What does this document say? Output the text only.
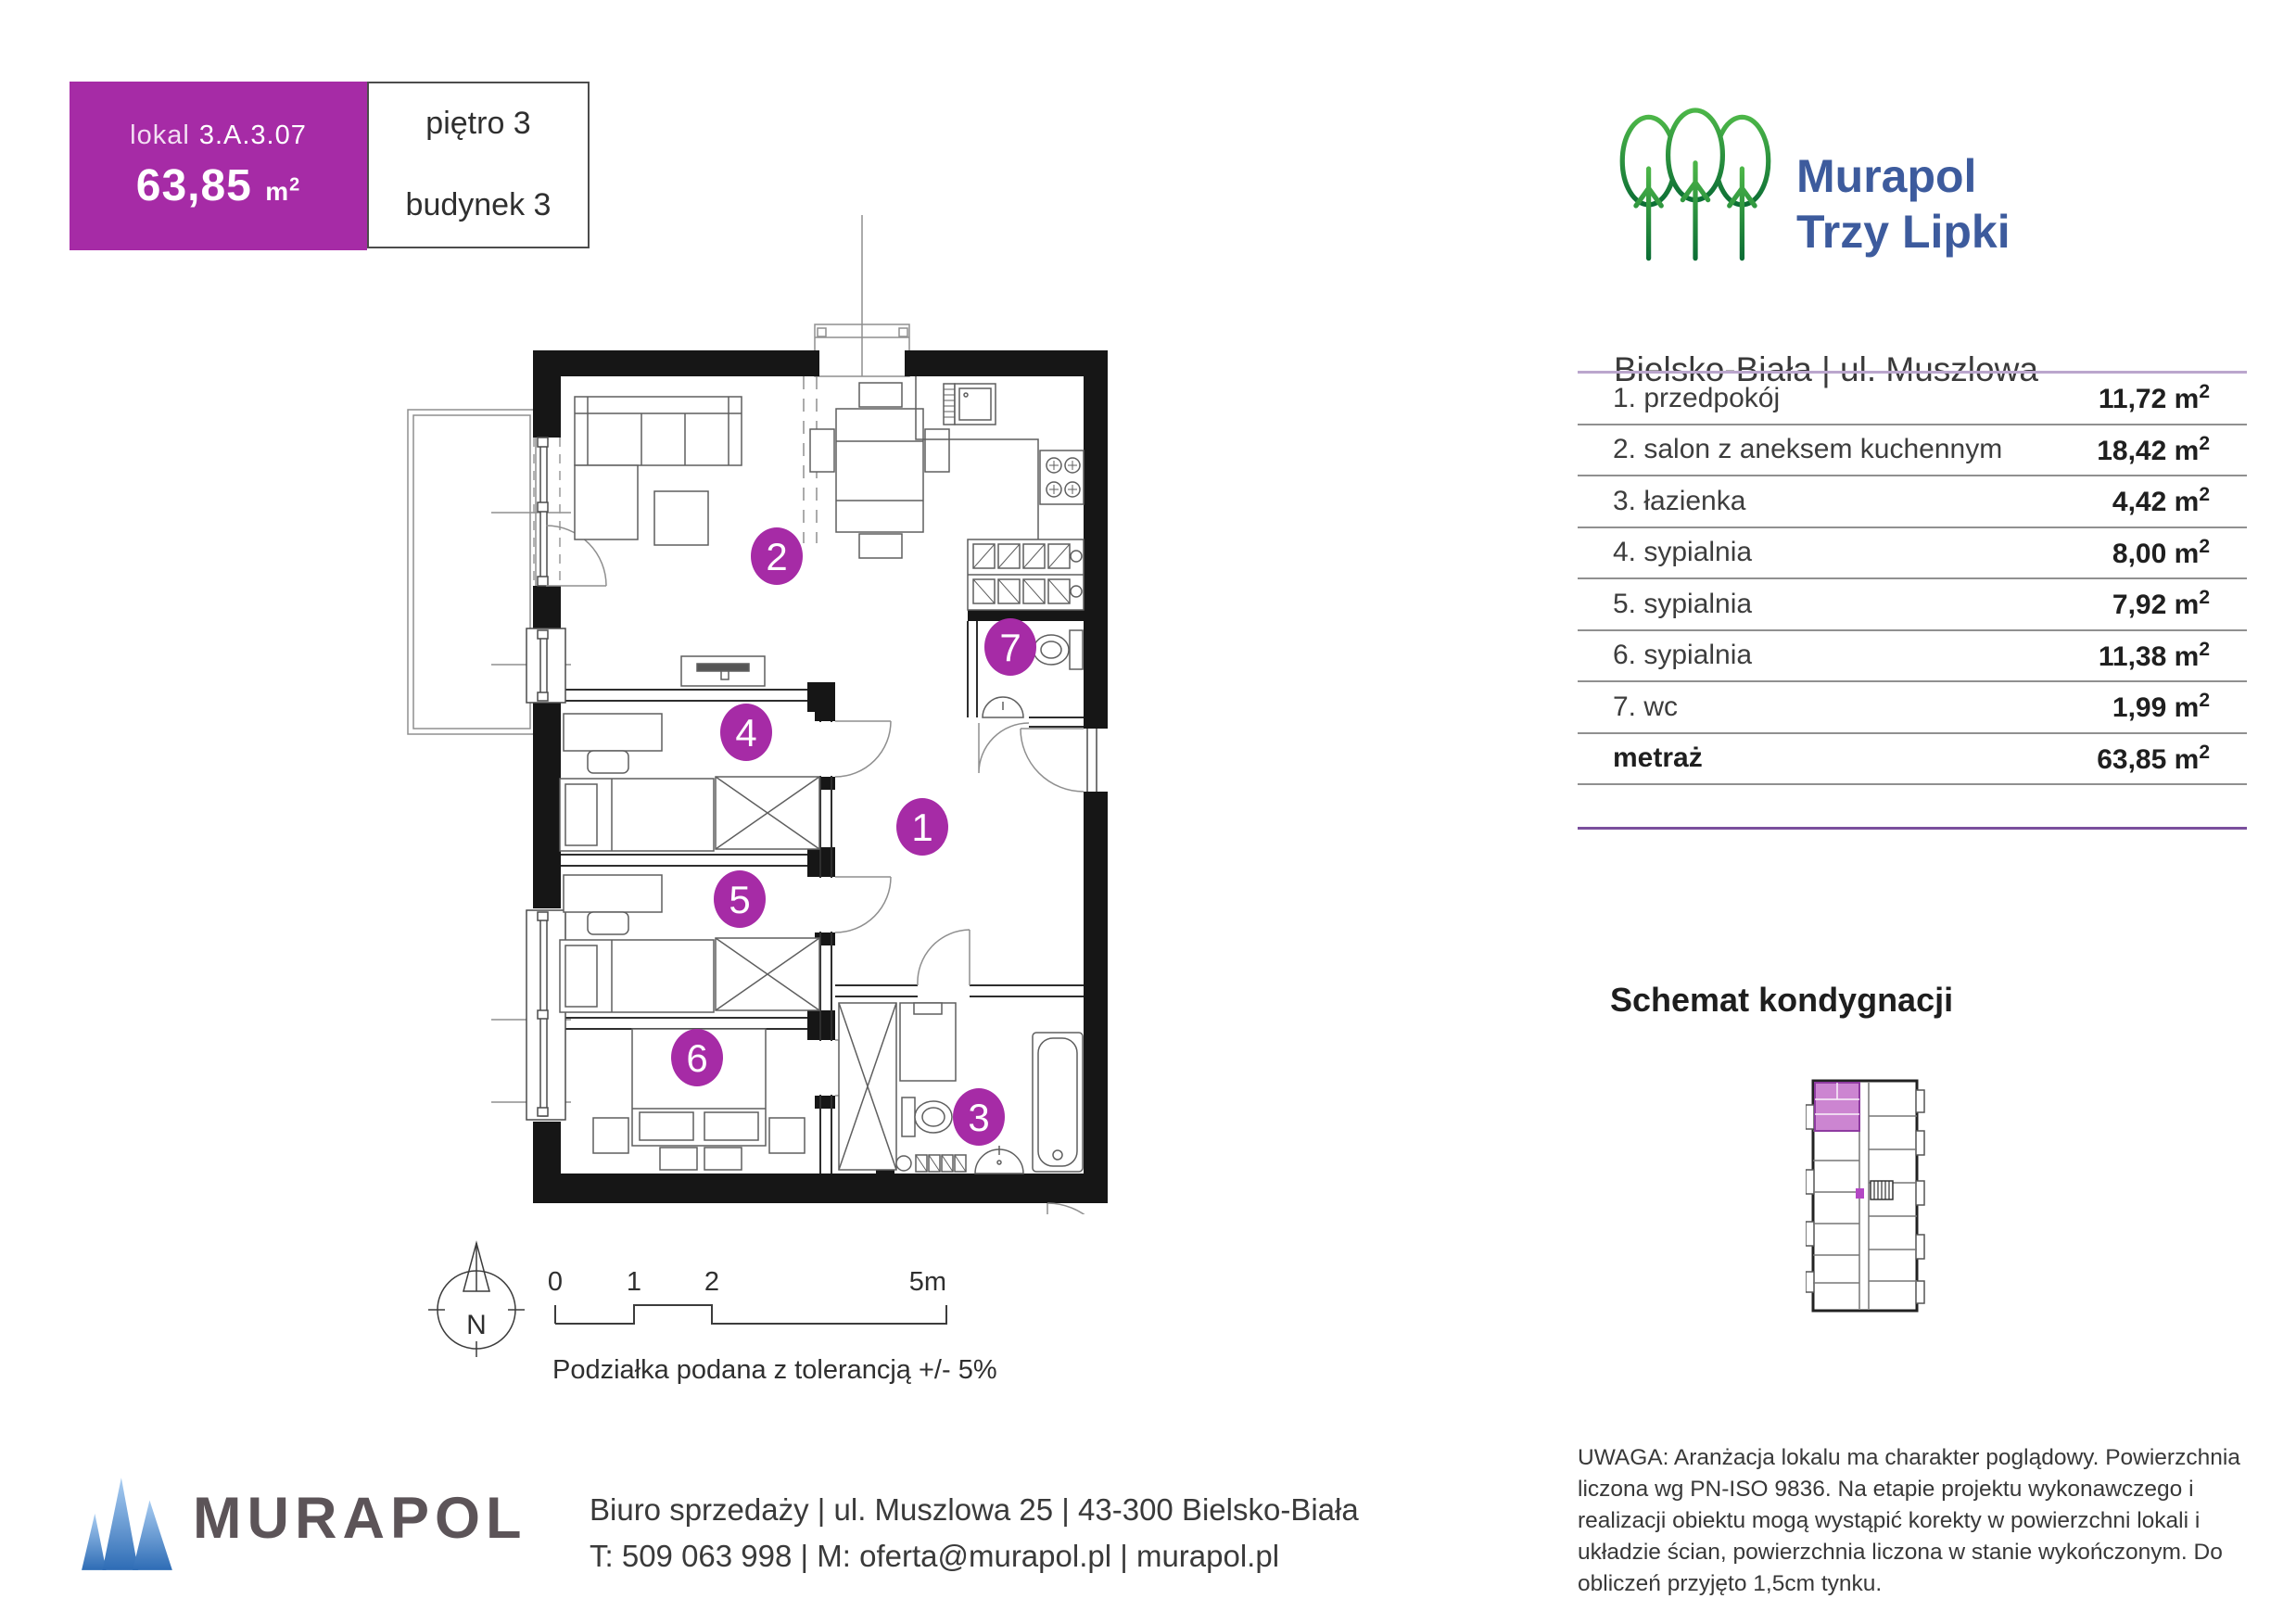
lokal 3.A.3.07
63,85 $m^2$
piętro 3
budynek 3
Murapol
Trzy Lipki
Bielsko-Biała | ul. Muszlowa
1. przedpokój	11,72 $m^2$
2. salon z aneksem kuchennym	18,42 $m^2$
3. łazienka	4,42 $m^2$
4. sypialnia	8,00 $m^2$
5. sypialnia	7,92 $m^2$
6. sypialnia	11,38 $m^2$
7. wc	1,99 $m^2$
metraż	63,85 $m^2$
Schemat kondygnacji
UWAGA: Aranżacja lokalu ma charakter poglądowy. Powierzchnia liczona wg PN-ISO 9836. Na etapie projektu wykonawczego i realizacji obiektu mogą wystąpić korekty w powierzchni lokali i układzie ścian, powierzchnia liczona w stanie wykończonym. Do obliczeń przyjęto 1,5cm tynku.
1
2
3
4
5
6
7
N
0 1 2	5m
Podziałka podana z tolerancją +/- 5%
MURAPOL Biuro sprzedaży | ul. Muszlowa 25 | 43-300 Bielsko-Biała
T: 509 063 998 | M: oferta@murapol.pl | murapol.pl
